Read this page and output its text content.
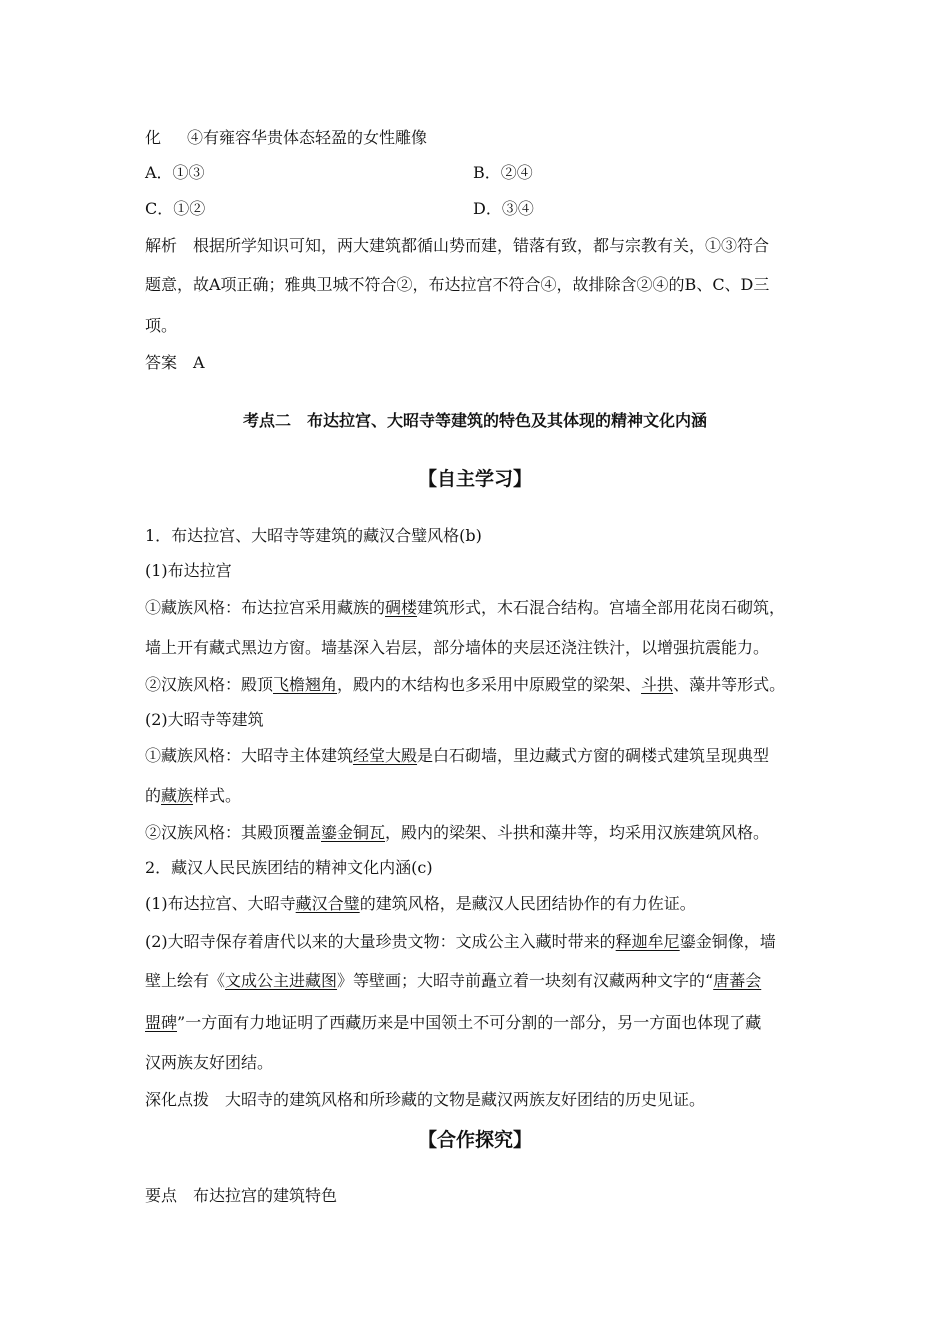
化 ④有雍容华贵体态轻盈的女性雕像
A．①③	B．②④
C．①②	D．③④
解析 根据所学知识可知，两大建筑都循山势而建，错落有致，都与宗教有关，①③符合
题意，故A项正确；雅典卫城不符合②，布达拉宫不符合④，故排除含②④的B、C、D三
项。
答案 A
考点二　布达拉宫、大昭寺等建筑的特色及其体现的精神文化内涵
【自主学习】
1．布达拉宫、大昭寺等建筑的藏汉合璧风格(b)
(1)布达拉宫
①藏族风格：布达拉宫采用藏族的碉楼建筑形式，木石混合结构。宫墙全部用花岗石砌筑，
墙上开有藏式黑边方窗。墙基深入岩层，部分墙体的夹层还浇注铁汁，以增强抗震能力。
②汉族风格：殿顶飞檐翘角，殿内的木结构也多采用中原殿堂的梁架、斗拱、藻井等形式。
(2)大昭寺等建筑
①藏族风格：大昭寺主体建筑经堂大殿是白石砌墙，里边藏式方窗的碉楼式建筑呈现典型
的藏族样式。
②汉族风格：其殿顶覆盖鎏金铜瓦，殿内的梁架、斗拱和藻井等，均采用汉族建筑风格。
2．藏汉人民民族团结的精神文化内涵(c)
(1)布达拉宫、大昭寺藏汉合璧的建筑风格，是藏汉人民团结协作的有力佐证。
(2)大昭寺保存着唐代以来的大量珍贵文物：文成公主入藏时带来的释迦牟尼鎏金铜像，墙
壁上绘有《文成公主进藏图》等壁画；大昭寺前矗立着一块刻有汉藏两种文字的“唐蕃会
盟碑”一方面有力地证明了西藏历来是中国领土不可分割的一部分，另一方面也体现了藏
汉两族友好团结。
深化点拨 大昭寺的建筑风格和所珍藏的文物是藏汉两族友好团结的历史见证。
【合作探究】
要点 布达拉宫的建筑特色
